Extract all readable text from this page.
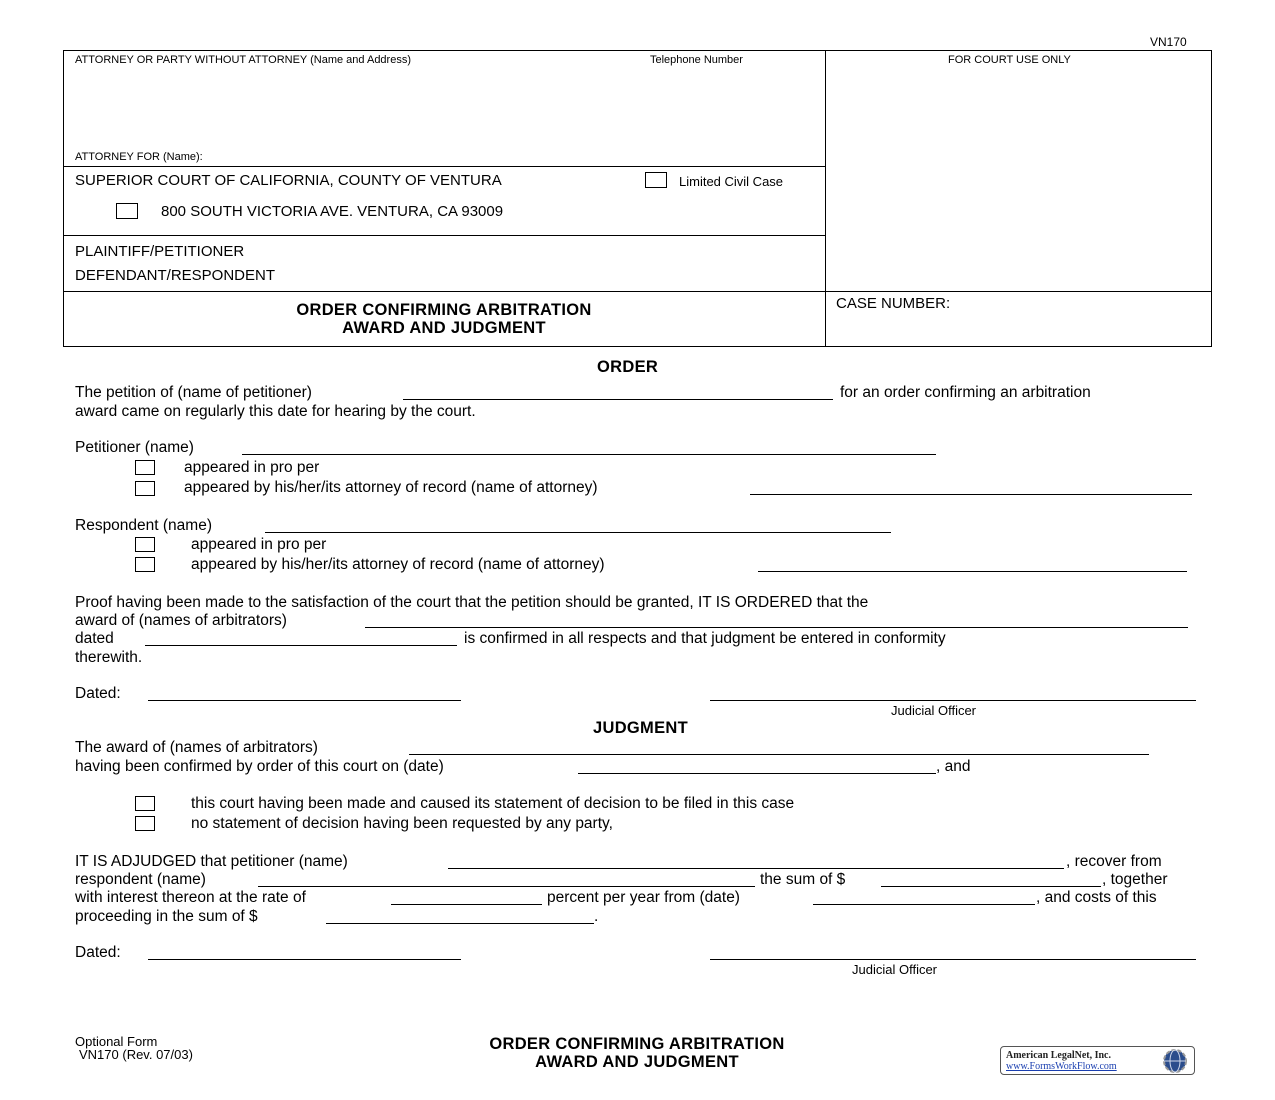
VN170
ATTORNEY OR PARTY WITHOUT ATTORNEY (Name and Address)	Telephone Number	FOR COURT USE ONLY
ATTORNEY FOR (Name):
SUPERIOR COURT OF CALIFORNIA, COUNTY OF VENTURA	Limited Civil Case
800 SOUTH VICTORIA AVE. VENTURA, CA 93009
PLAINTIFF/PETITIONER
DEFENDANT/RESPONDENT
ORDER CONFIRMING ARBITRATION
AWARD AND JUDGMENT
CASE NUMBER:
ORDER
The petition of (name of petitioner)	for an order confirming an arbitration
award came on regularly this date for hearing by the court.
Petitioner (name)
appeared in pro per
appeared by his/her/its attorney of record (name of attorney)
Respondent (name)
appeared in pro per
appeared by his/her/its attorney of record (name of attorney)
Proof having been made to the satisfaction of the court that the petition should be granted, IT IS ORDERED that the
award of (names of arbitrators)
dated	is confirmed in all respects and that judgment be entered in conformity
therewith.
Dated:
Judicial Officer
JUDGMENT
The award of (names of arbitrators)
having been confirmed by order of this court on (date)	, and
this court having been made and caused its statement of decision to be filed in this case
no statement of decision having been requested by any party,
IT IS ADJUDGED that petitioner (name)	, recover from
respondent (name)	the sum of $	, together
with interest thereon at the rate of	percent per year from (date)	, and costs of this
proceeding in the sum of $	.
Dated:
Judicial Officer
Optional Form
VN170 (Rev. 07/03)
ORDER CONFIRMING ARBITRATION
AWARD AND JUDGMENT	American LegalNet, Inc.
www.FormsWorkFlow.com
